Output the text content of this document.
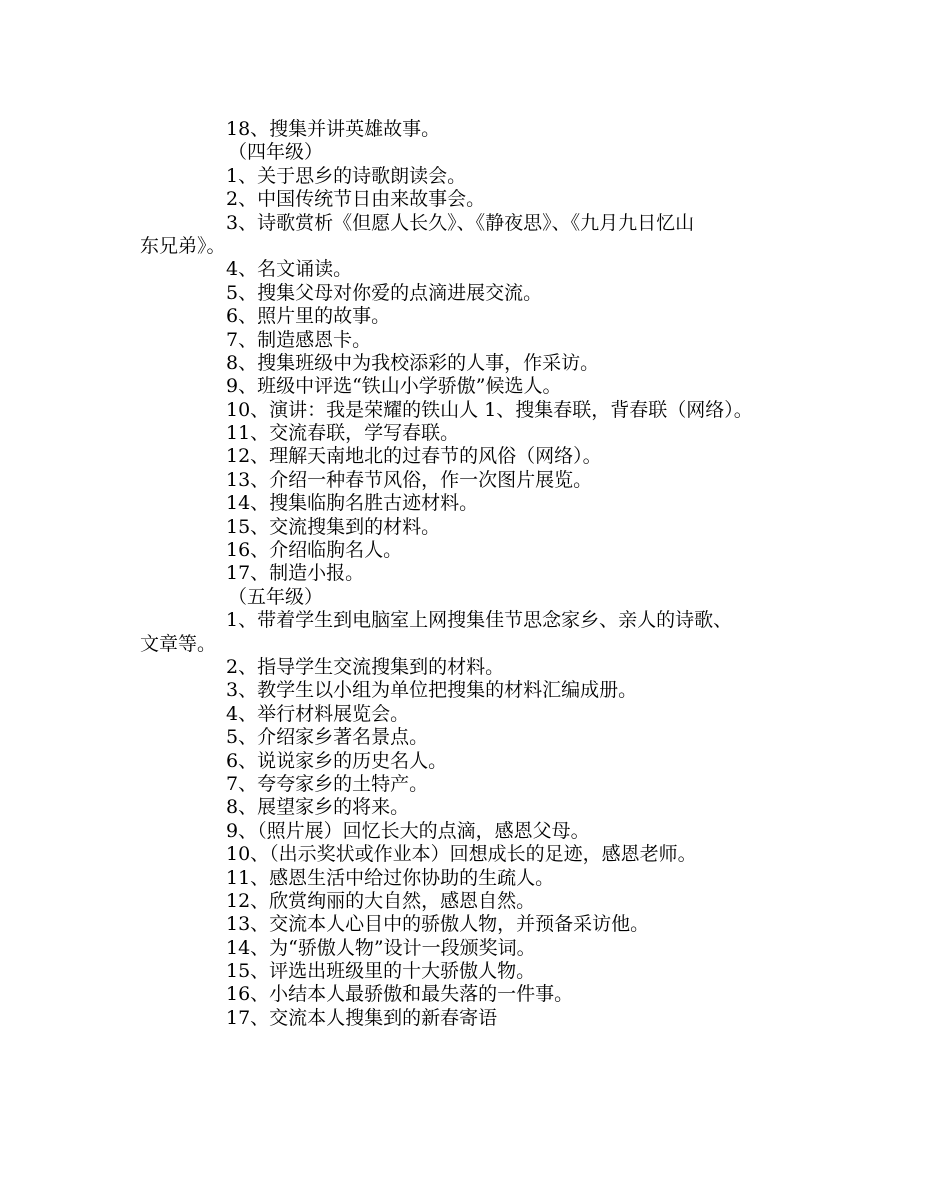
18、搜集并讲英雄故事。

（四年级）

1、关于思乡的诗歌朗读会。

2、中国传统节日由来故事会。

3、诗歌赏析《但愿人长久》、《静夜思》、《九月九日忆山

东兄弟》。

4、名文诵读。

5、搜集父母对你爱的点滴进展交流。

6、照片里的故事。

7、制造感恩卡。

8、搜集班级中为我校添彩的人事，作采访。

9、班级中评选“铁山小学骄傲”候选人。

10、演讲：我是荣耀的铁山人 1、搜集春联，背春联（网络）。

11、交流春联，学写春联。

12、理解天南地北的过春节的风俗（网络）。

13、介绍一种春节风俗，作一次图片展览。

14、搜集临朐名胜古迹材料。

15、交流搜集到的材料。

16、介绍临朐名人。

17、制造小报。

（五年级）

1、带着学生到电脑室上网搜集佳节思念家乡、亲人的诗歌、

文章等。

2、指导学生交流搜集到的材料。

3、教学生以小组为单位把搜集的材料汇编成册。

4、举行材料展览会。

5、介绍家乡著名景点。

6、说说家乡的历史名人。

7、夸夸家乡的土特产。

8、展望家乡的将来。

9、（照片展）回忆长大的点滴，感恩父母。

10、（出示奖状或作业本）回想成长的足迹，感恩老师。

11、感恩生活中给过你协助的生疏人。

12、欣赏绚丽的大自然，感恩自然。

13、交流本人心目中的骄傲人物，并预备采访他。

14、为“骄傲人物”设计一段颁奖词。

15、评选出班级里的十大骄傲人物。

16、小结本人最骄傲和最失落的一件事。

17、交流本人搜集到的新春寄语
